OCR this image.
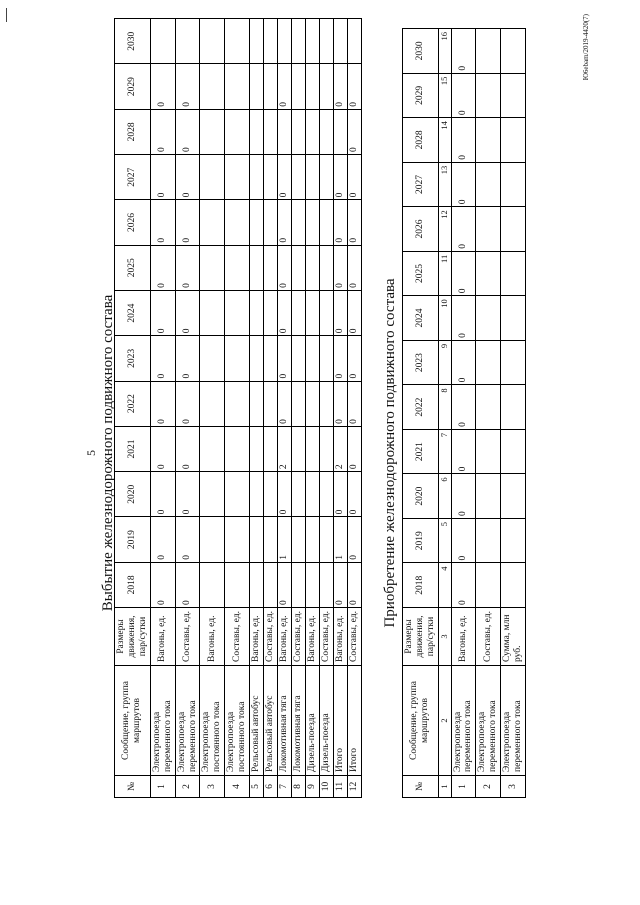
5
Ю6ebam/2019-4420(7)
Выбытие железнодорожного подвижного состава
№	Сообщение, группа маршрутов	Размеры движения, пар/сутки	2018	2019	2020	2021	2022	2023	2024	2025	2026	2027	2028	2029	2030
1	Электропоезда переменного тока	Вагоны, ед.	0	0	0	0	0	0	0	0	0	0	0	0	
2	Электропоезда переменного тока	Составы, ед.	0	0	0	0	0	0	0	0	0	0	0	0	
3	Электропоезда постоянного тока	Вагоны, ед.													
4	Электропоезда постоянного тока	Составы, ед.													
5	Рельсовый автобус	Вагоны, ед.													
6	Рельсовый автобус	Составы, ед.													
7	Локомотивная тяга	Вагоны, ед.	0	1	0	2	0	0	0	0	0	0		0	
8	Локомотивная тяга	Составы, ед.													
9	Дизель-поезда	Вагоны, ед.													
10	Дизель-поезда	Составы, ед.													
11	Итого	Вагоны, ед.	0	1	0	2	0	0	0	0	0	0		0	
12	Итого	Составы, ед.	0	0	0	0	0	0	0	0	0	0	0	0	
Приобретение железнодорожного подвижного состава
№	Сообщение, группа маршрутов	Размеры движения, пар/сутки	2018	2019	2020	2021	2022	2023	2024	2025	2026	2027	2028	2029	2030
1	2	3	4	5	6	7	8	9	10	11	12	13	14	15	16
1	Электропоезда переменного тока	Вагоны, ед.	0	0	0	0	0	0	0	0	0	0	0	0	0
2	Электропоезда переменного тока	Составы, ед.													
3	Электропоезда переменного тока	Сумма, млн руб.													
